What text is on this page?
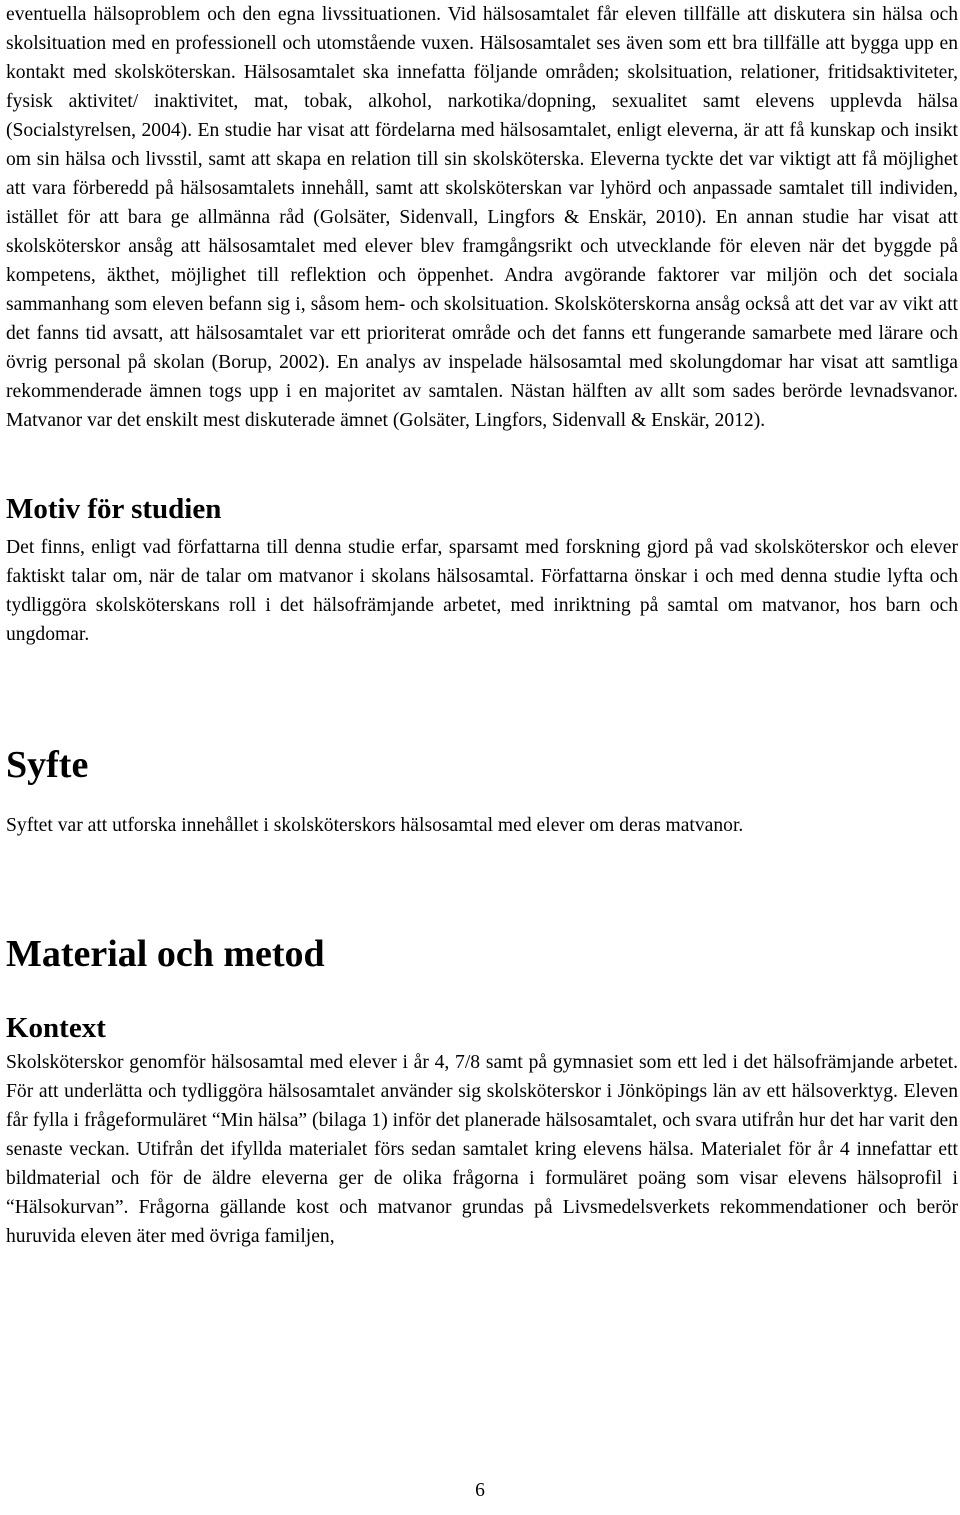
eventuella hälsoproblem och den egna livssituationen. Vid hälsosamtalet får eleven tillfälle att diskutera sin hälsa och skolsituation med en professionell och utomstående vuxen. Hälsosamtalet ses även som ett bra tillfälle att bygga upp en kontakt med skolsköterskan. Hälsosamtalet ska innefatta följande områden; skolsituation, relationer, fritidsaktiviteter, fysisk aktivitet/ inaktivitet, mat, tobak, alkohol, narkotika/dopning, sexualitet samt elevens upplevda hälsa (Socialstyrelsen, 2004). En studie har visat att fördelarna med hälsosamtalet, enligt eleverna, är att få kunskap och insikt om sin hälsa och livsstil, samt att skapa en relation till sin skolsköterska. Eleverna tyckte det var viktigt att få möjlighet att vara förberedd på hälsosamtalets innehåll, samt att skolsköterskan var lyhörd och anpassade samtalet till individen, istället för att bara ge allmänna råd (Golsäter, Sidenvall, Lingfors & Enskär, 2010). En annan studie har visat att skolsköterskor ansåg att hälsosamtalet med elever blev framgångsrikt och utvecklande för eleven när det byggde på kompetens, äkthet, möjlighet till reflektion och öppenhet. Andra avgörande faktorer var miljön och det sociala sammanhang som eleven befann sig i, såsom hem- och skolsituation. Skolsköterskorna ansåg också att det var av vikt att det fanns tid avsatt, att hälsosamtalet var ett prioriterat område och det fanns ett fungerande samarbete med lärare och övrig personal på skolan (Borup, 2002). En analys av inspelade hälsosamtal med skolungdomar har visat att samtliga rekommenderade ämnen togs upp i en majoritet av samtalen. Nästan hälften av allt som sades berörde levnadsvanor. Matvanor var det enskilt mest diskuterade ämnet (Golsäter, Lingfors, Sidenvall & Enskär, 2012).

Motiv för studien

Det finns, enligt vad författarna till denna studie erfar, sparsamt med forskning gjord på vad skolsköterskor och elever faktiskt talar om, när de talar om matvanor i skolans hälsosamtal. Författarna önskar i och med denna studie lyfta och tydliggöra skolsköterskans roll i det hälsofrämjande arbetet, med inriktning på samtal om matvanor, hos barn och ungdomar.

Syfte

Syftet var att utforska innehållet i skolsköterskors hälsosamtal med elever om deras matvanor.

Material och metod
Kontext

Skolsköterskor genomför hälsosamtal med elever i år 4, 7/8 samt på gymnasiet som ett led i det hälsofrämjande arbetet. För att underlätta och tydliggöra hälsosamtalet använder sig skolsköterskor i Jönköpings län av ett hälsoverktyg. Eleven får fylla i frågeformuläret “Min hälsa” (bilaga 1) inför det planerade hälsosamtalet, och svara utifrån hur det har varit den senaste veckan. Utifrån det ifyllda materialet förs sedan samtalet kring elevens hälsa. Materialet för år 4 innefattar ett bildmaterial och för de äldre eleverna ger de olika frågorna i formuläret poäng som visar elevens hälsoprofil i “Hälsokurvan”. Frågorna gällande kost och matvanor grundas på Livsmedelsverkets rekommendationer och berör huruvida eleven äter med övriga familjen,

6
